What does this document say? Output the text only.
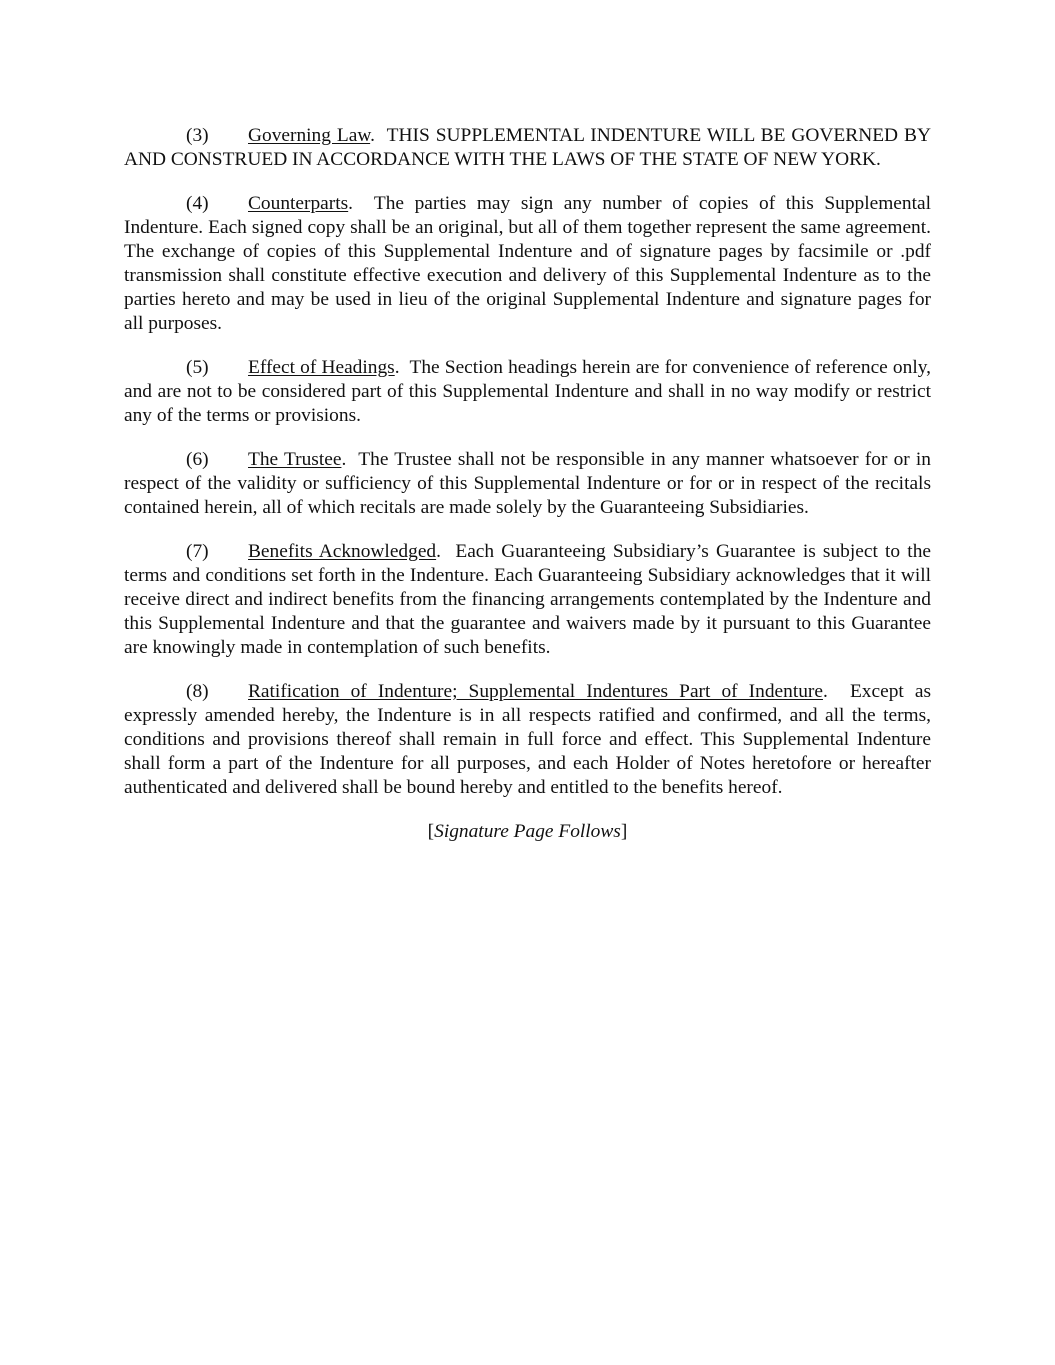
(3) Governing Law.  THIS SUPPLEMENTAL INDENTURE WILL BE GOVERNED BY AND CONSTRUED IN ACCORDANCE WITH THE LAWS OF THE STATE OF NEW YORK.

(4) Counterparts.  The parties may sign any number of copies of this Supplemental Indenture. Each signed copy shall be an original, but all of them together represent the same agreement. The exchange of copies of this Supplemental Indenture and of signature pages by facsimile or .pdf transmission shall constitute effective execution and delivery of this Supplemental Indenture as to the parties hereto and may be used in lieu of the original Supplemental Indenture and signature pages for all purposes.

(5) Effect of Headings.  The Section headings herein are for convenience of reference only, and are not to be considered part of this Supplemental Indenture and shall in no way modify or restrict any of the terms or provisions.

(6) The Trustee.  The Trustee shall not be responsible in any manner whatsoever for or in respect of the validity or sufficiency of this Supplemental Indenture or for or in respect of the recitals contained herein, all of which recitals are made solely by the Guaranteeing Subsidiaries.

(7) Benefits Acknowledged.  Each Guaranteeing Subsidiary’s Guarantee is subject to the terms and conditions set forth in the Indenture. Each Guaranteeing Subsidiary acknowledges that it will receive direct and indirect benefits from the financing arrangements contemplated by the Indenture and this Supplemental Indenture and that the guarantee and waivers made by it pursuant to this Guarantee are knowingly made in contemplation of such benefits.

(8) Ratification of Indenture; Supplemental Indentures Part of Indenture.  Except as expressly amended hereby, the Indenture is in all respects ratified and confirmed, and all the terms, conditions and provisions thereof shall remain in full force and effect. This Supplemental Indenture shall form a part of the Indenture for all purposes, and each Holder of Notes heretofore or hereafter authenticated and delivered shall be bound hereby and entitled to the benefits hereof.

[Signature Page Follows]
